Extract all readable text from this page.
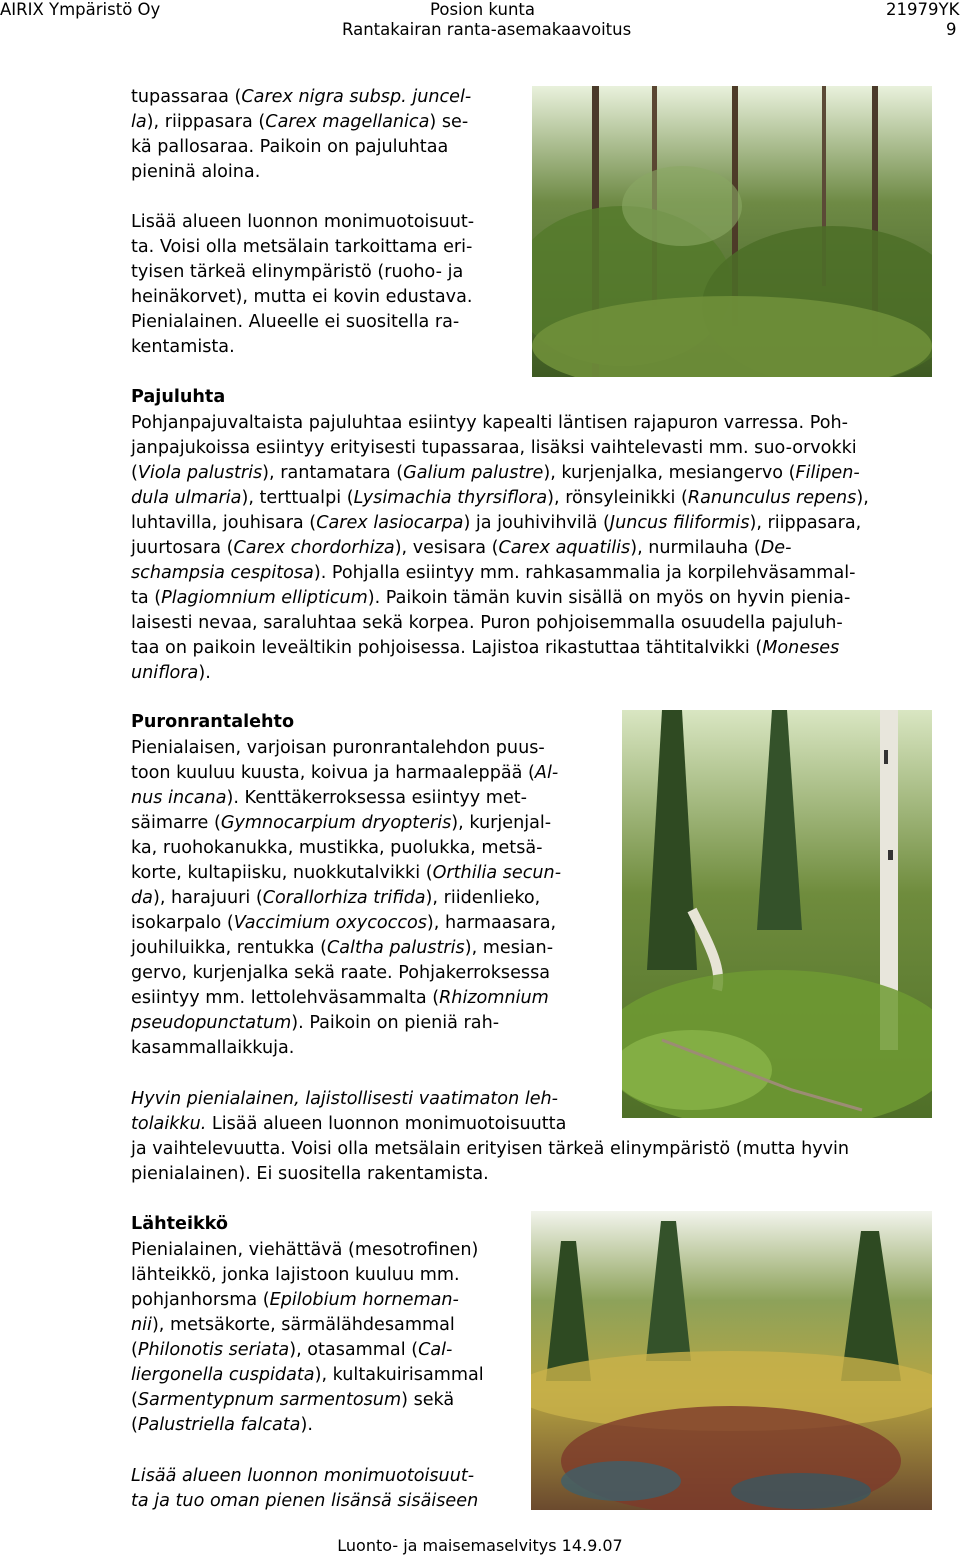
AIRIX Ympäristö Oy	Posion kunta
Rantakairan ranta-asemakaavoitus
21979YK
9
tupassaraa (Carex nigra subsp. juncel-
la), riippasara (Carex magellanica) se-
kä pallosaraa. Paikoin on pajuluhtaa
pieninä aloina.
Lisää alueen luonnon monimuotoisuut-
ta. Voisi olla metsälain tarkoittama eri-
tyisen tärkeä elinympäristö (ruoho- ja
heinäkorvet), mutta ei kovin edustava.
Pienialainen. Alueelle ei suositella ra-
kentamista.
Pajuluhta
Pohjanpajuvaltaista pajuluhtaa esiintyy kapealti läntisen rajapuron varressa. Poh-
janpajukoissa esiintyy erityisesti tupassaraa, lisäksi vaihtelevasti mm. suo-orvokki
(Viola palustris), rantamatara (Galium palustre), kurjenjalka, mesiangervo (Filipen-
dula ulmaria), terttualpi (Lysimachia thyrsiflora), rönsyleinikki (Ranunculus repens),
luhtavilla, jouhisara (Carex lasiocarpa) ja jouhivihvilä (Juncus filiformis), riippasara,
juurtosara (Carex chordorhiza), vesisara (Carex aquatilis), nurmilauha (De-
schampsia cespitosa). Pohjalla esiintyy mm. rahkasammalia ja korpilehväsammal-
ta (Plagiomnium ellipticum). Paikoin tämän kuvin sisällä on myös on hyvin pienia-
laisesti nevaa, saraluhtaa sekä korpea. Puron pohjoisemmalla osuudella pajuluh-
taa on paikoin leveältikin pohjoisessa. Lajistoa rikastuttaa tähtitalvikki (Moneses
uniflora).
Puronrantalehto
Pienialaisen, varjoisan puronrantalehdon puus-
toon kuuluu kuusta, koivua ja harmaaleppää (Al-
nus incana). Kenttäkerroksessa esiintyy met-
säimarre (Gymnocarpium dryopteris), kurjenjal-
ka, ruohokanukka, mustikka, puolukka, metsä-
korte, kultapiisku, nuokkutalvikki (Orthilia secun-
da), harajuuri (Corallorhiza trifida), riidenlieko,
isokarpalo (Vaccimium oxycoccos), harmaasara,
jouhiluikka, rentukka (Caltha palustris), mesian-
gervo, kurjenjalka sekä raate. Pohjakerroksessa
esiintyy mm. lettolehväsammalta (Rhizomnium
pseudopunctatum). Paikoin on pieniä rah-
kasammallaikkuja.
Hyvin pienialainen, lajistollisesti vaatimaton leh-
tolaikku. Lisää alueen luonnon monimuotoisuutta
ja vaihtelevuutta. Voisi olla metsälain erityisen tärkeä elinympäristö (mutta hyvin
pienialainen). Ei suositella rakentamista.
Lähteikkö
Pienialainen, viehättävä (mesotrofinen)
lähteikkö, jonka lajistoon kuuluu mm.
pohjanhorsma (Epilobium horneman-
nii), metsäkorte, särmälähdesammal
(Philonotis seriata), otasammal (Cal-
liergonella cuspidata), kultakuirisammal
(Sarmentypnum sarmentosum) sekä
(Palustriella falcata).
Lisää alueen luonnon monimuotoisuut-
ta ja tuo oman pienen lisänsä sisäiseen
Luonto- ja maisemaselvitys 14.9.07
